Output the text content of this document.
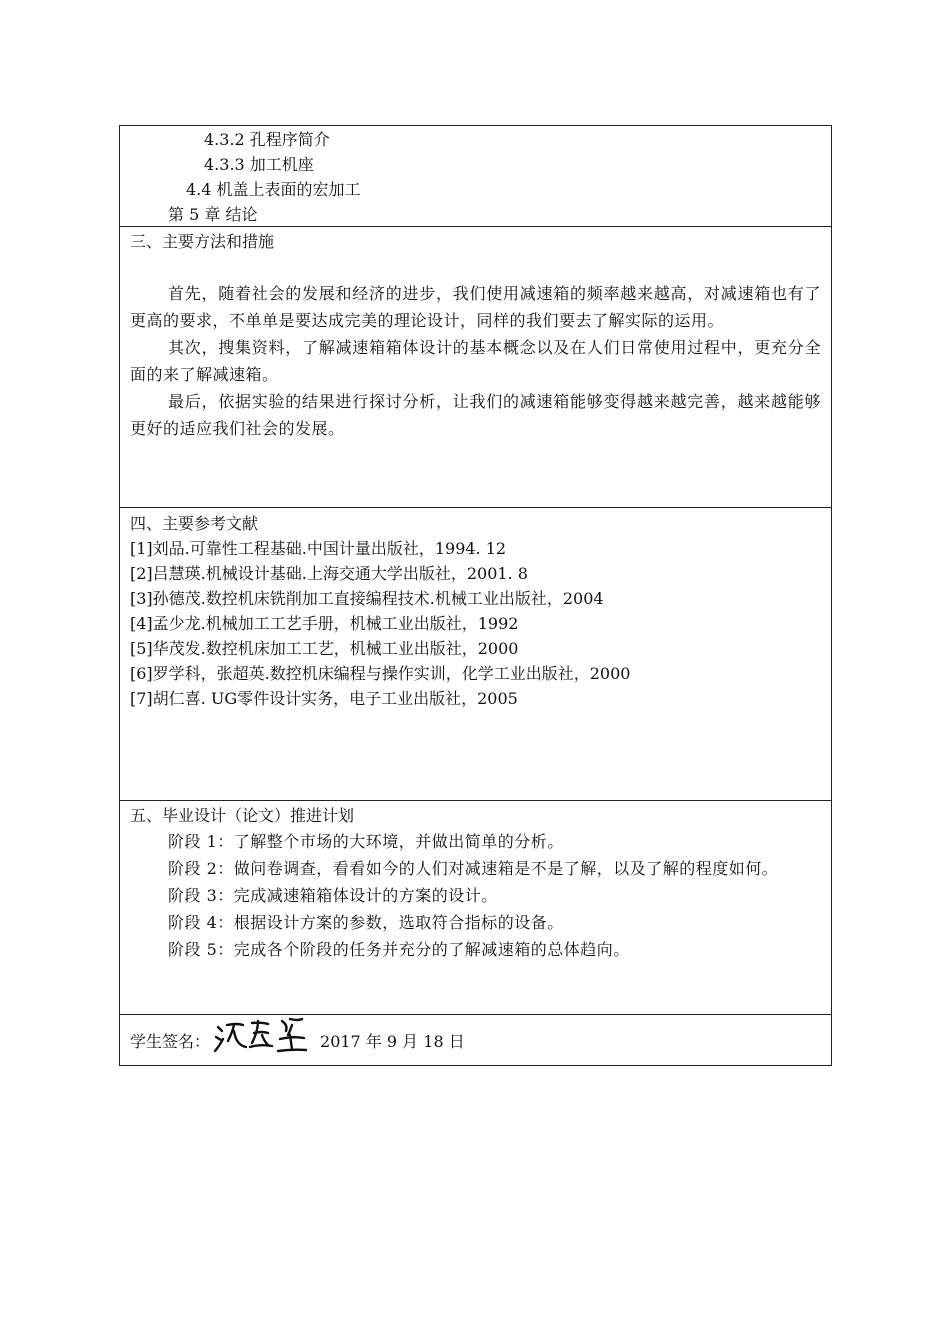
4.3.2 孔程序简介
4.3.3 加工机座
4.4 机盖上表面的宏加工
第 5 章 结论
三、主要方法和措施
首先，随着社会的发展和经济的进步，我们使用减速箱的频率越来越高，对减速箱也有了更高的要求，不单单是要达成完美的理论设计，同样的我们要去了解实际的运用。
其次，搜集资料，了解减速箱箱体设计的基本概念以及在人们日常使用过程中，更充分全面的来了解减速箱。
最后，依据实验的结果进行探讨分析，让我们的减速箱能够变得越来越完善，越来越能够更好的适应我们社会的发展。
四、主要参考文献
[1]刘品.可靠性工程基础.中国计量出版社，1994. 12
[2]吕慧瑛.机械设计基础.上海交通大学出版社，2001. 8
[3]孙德茂.数控机床铣削加工直接编程技术.机械工业出版社，2004
[4]孟少龙.机械加工工艺手册，机械工业出版社，1992
[5]华茂发.数控机床加工工艺，机械工业出版社，2000
[6]罗学科，张超英.数控机床编程与操作实训，化学工业出版社，2000
[7]胡仁喜. UG零件设计实务，电子工业出版社，2005
五、毕业设计（论文）推进计划
阶段 1：了解整个市场的大环境，并做出简单的分析。
阶段 2：做问卷调查，看看如今的人们对减速箱是不是了解，以及了解的程度如何。
阶段 3：完成减速箱箱体设计的方案的设计。
阶段 4：根据设计方案的参数，选取符合指标的设备。
阶段 5：完成各个阶段的任务并充分的了解减速箱的总体趋向。
学生签名：	2017 年 9 月 18 日
